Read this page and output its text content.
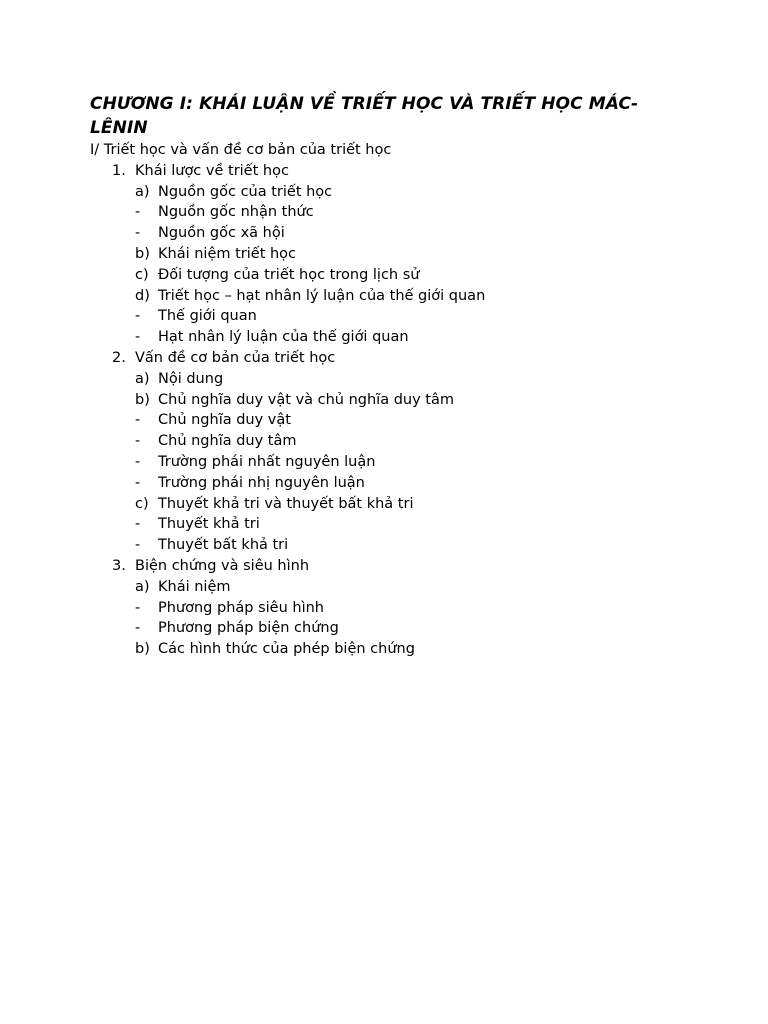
CHƯƠNG I: KHÁI LUẬN VỀ TRIẾT HỌC VÀ TRIẾT HỌC MÁC-
LÊNIN

I/ Triết học và vấn đề cơ bản của triết học

1. Khái lược về triết học
a) Nguồn gốc của triết học
- Nguồn gốc nhận thức
- Nguồn gốc xã hội
b) Khái niệm triết học
c) Đối tượng của triết học trong lịch sử
d) Triết học – hạt nhân lý luận của thế giới quan
- Thế giới quan
- Hạt nhân lý luận của thế giới quan
2. Vấn đề cơ bản của triết học
a) Nội dung
b) Chủ nghĩa duy vật và chủ nghĩa duy tâm
- Chủ nghĩa duy vật
- Chủ nghĩa duy tâm
- Trường phái nhất nguyên luận
- Trường phái nhị nguyên luận
c) Thuyết khả tri và thuyết bất khả tri
- Thuyết khả tri
- Thuyết bất khả tri
3. Biện chứng và siêu hình
a) Khái niệm
- Phương pháp siêu hình
- Phương pháp biện chứng
b) Các hình thức của phép biện chứng
